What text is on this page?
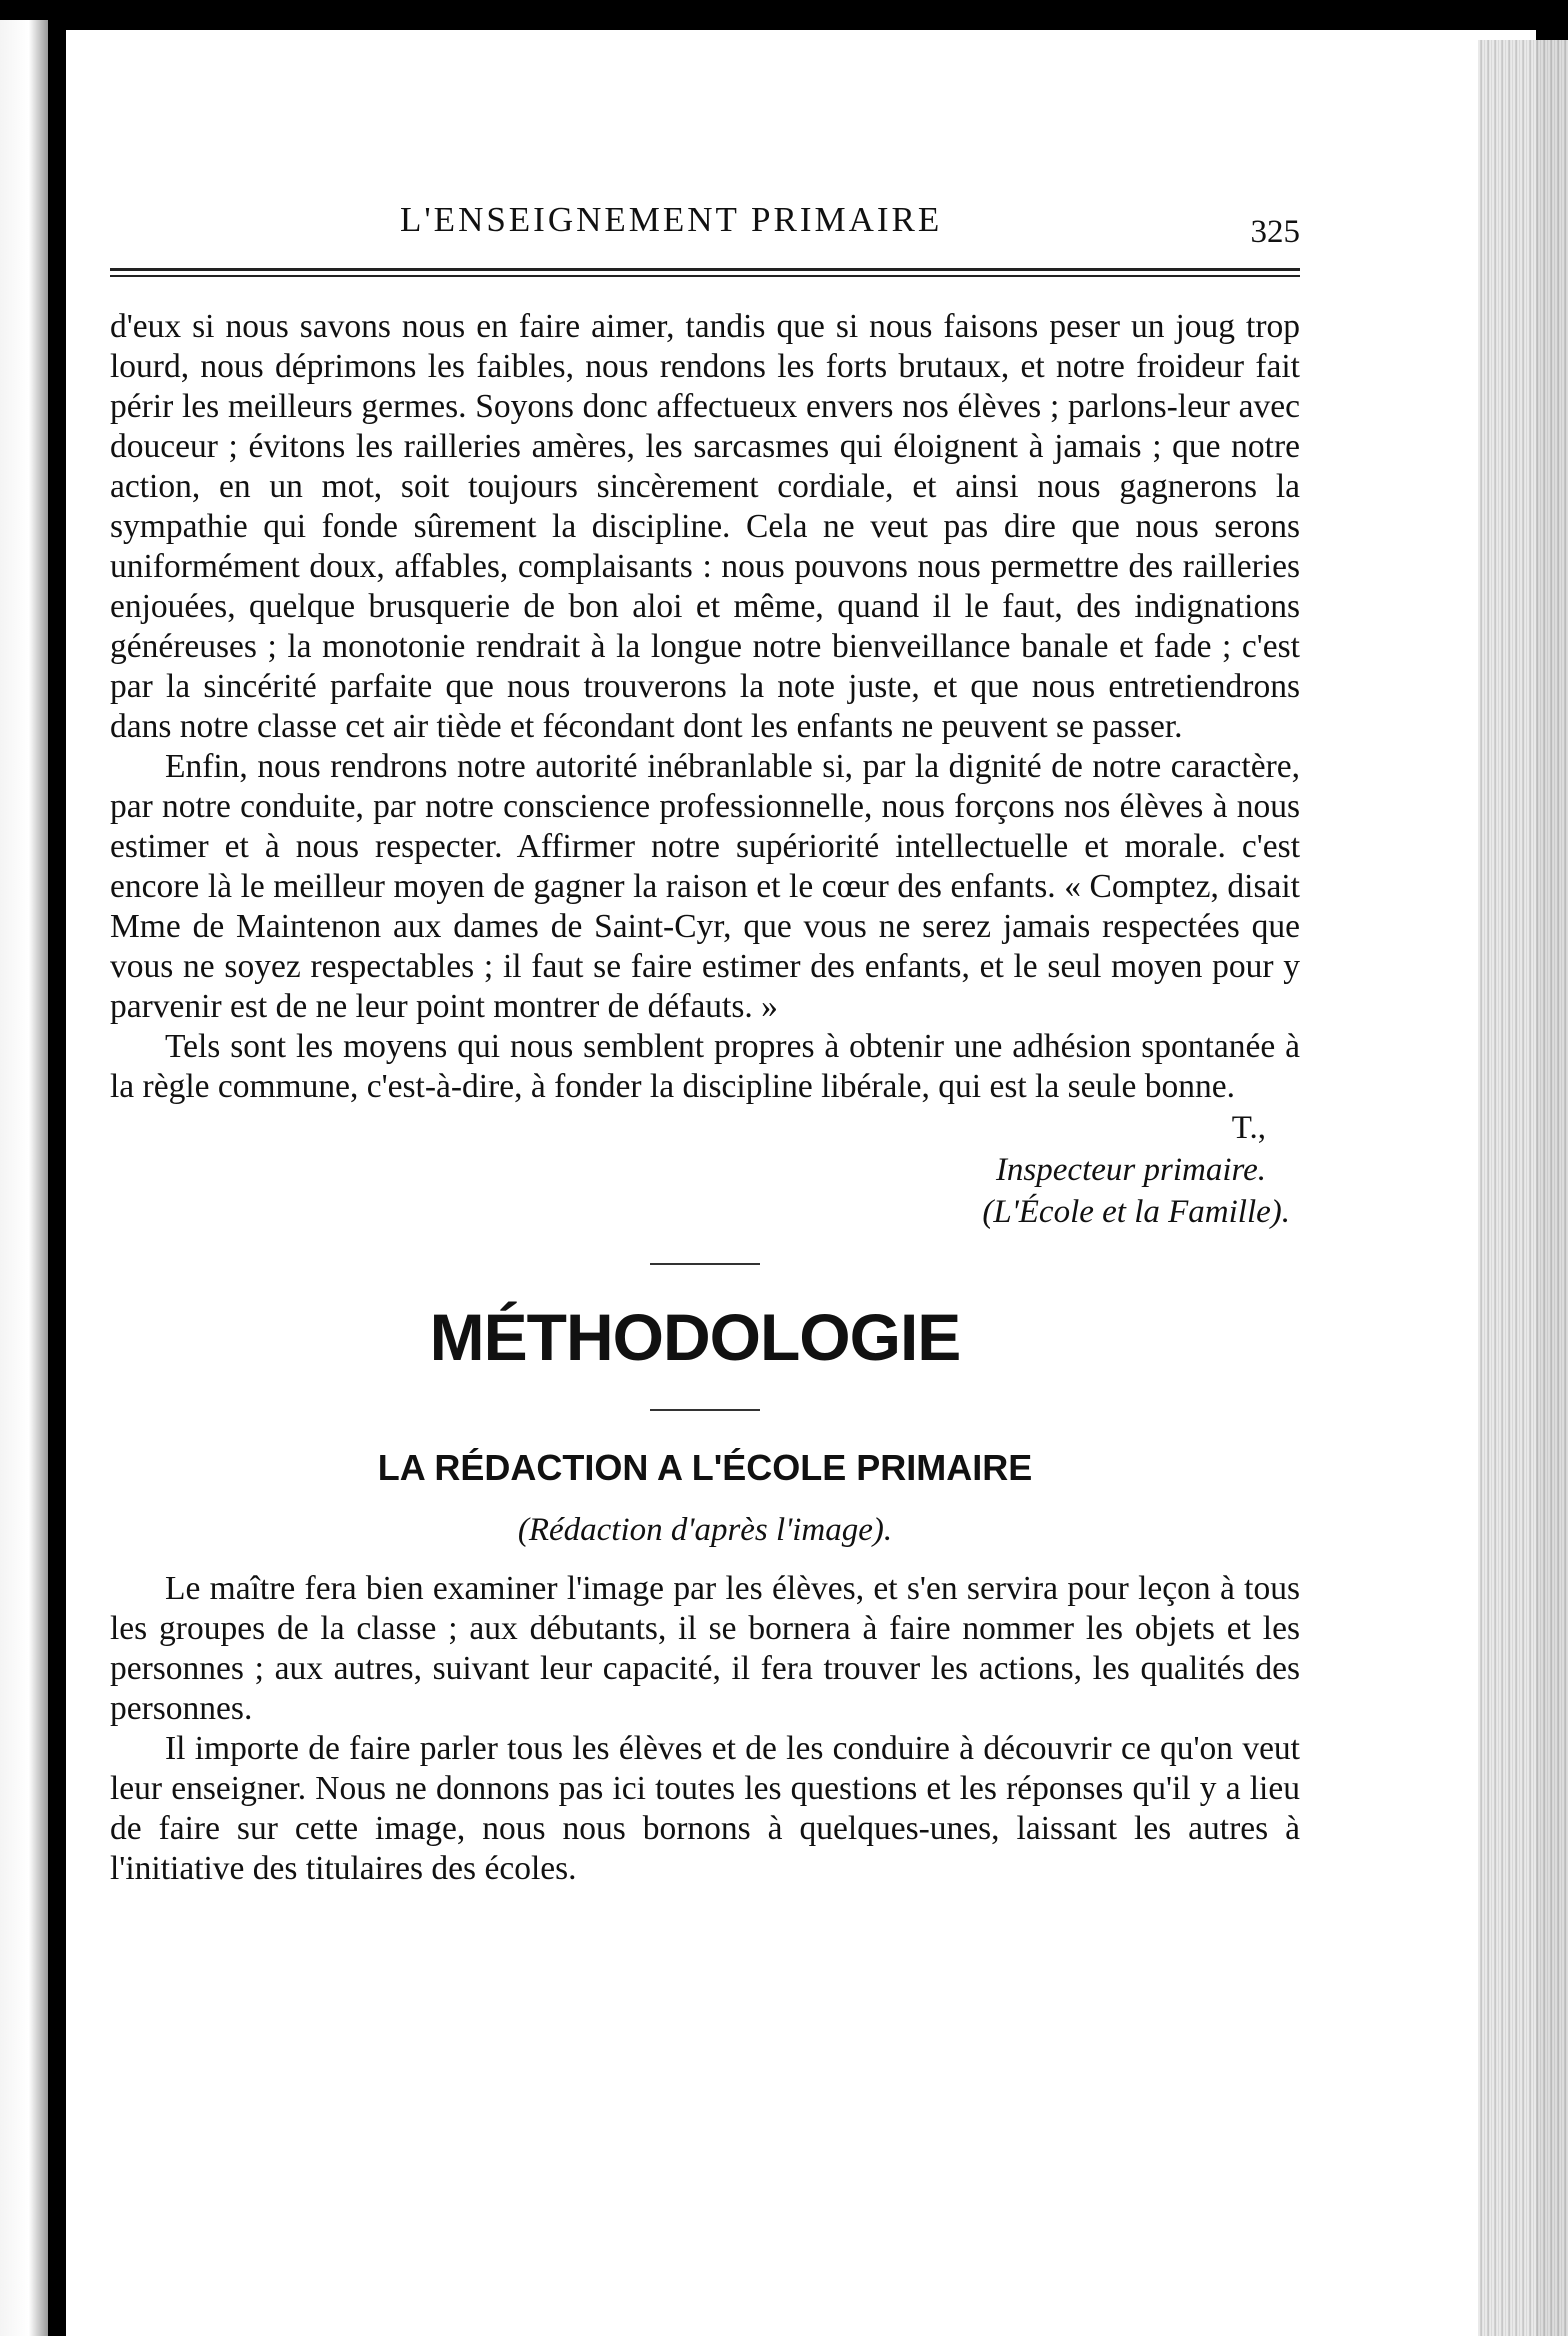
L'ENSEIGNEMENT PRIMAIRE	325

d'eux si nous savons nous en faire aimer, tandis que si nous faisons peser un joug trop lourd, nous déprimons les faibles, nous rendons les forts brutaux, et notre froideur fait périr les meilleurs germes. Soyons donc affectueux envers nos élèves ; parlons-leur avec douceur ; évitons les railleries amères, les sarcasmes qui éloignent à jamais ; que notre action, en un mot, soit toujours sincèrement cordiale, et ainsi nous gagnerons la sympathie qui fonde sûrement la discipline. Cela ne veut pas dire que nous serons uniformément doux, affables, complaisants : nous pouvons nous permettre des railleries enjouées, quelque brusquerie de bon aloi et même, quand il le faut, des indignations généreuses ; la monotonie rendrait à la longue notre bienveillance banale et fade ; c'est par la sincérité parfaite que nous trouverons la note juste, et que nous entretiendrons dans notre classe cet air tiède et fécondant dont les enfants ne peuvent se passer.

Enfin, nous rendrons notre autorité inébranlable si, par la dignité de notre caractère, par notre conduite, par notre conscience professionnelle, nous forçons nos élèves à nous estimer et à nous respecter. Affirmer notre supériorité intellectuelle et morale. c'est encore là le meilleur moyen de gagner la raison et le cœur des enfants. « Comptez, disait Mme de Maintenon aux dames de Saint-Cyr, que vous ne serez jamais respectées que vous ne soyez respectables ; il faut se faire estimer des enfants, et le seul moyen pour y parvenir est de ne leur point montrer de défauts. »

Tels sont les moyens qui nous semblent propres à obtenir une adhésion spontanée à la règle commune, c'est-à-dire, à fonder la discipline libérale, qui est la seule bonne.

T.,
Inspecteur primaire.
(L'École et la Famille).
MÉTHODOLOGIE
LA RÉDACTION A L'ÉCOLE PRIMAIRE
(Rédaction d'après l'image).

Le maître fera bien examiner l'image par les élèves, et s'en servira pour leçon à tous les groupes de la classe ; aux débutants, il se bornera à faire nommer les objets et les personnes ; aux autres, suivant leur capacité, il fera trouver les actions, les qualités des personnes.

Il importe de faire parler tous les élèves et de les conduire à découvrir ce qu'on veut leur enseigner. Nous ne donnons pas ici toutes les questions et les réponses qu'il y a lieu de faire sur cette image, nous nous bornons à quelques-unes, laissant les autres à l'initiative des titulaires des écoles.
